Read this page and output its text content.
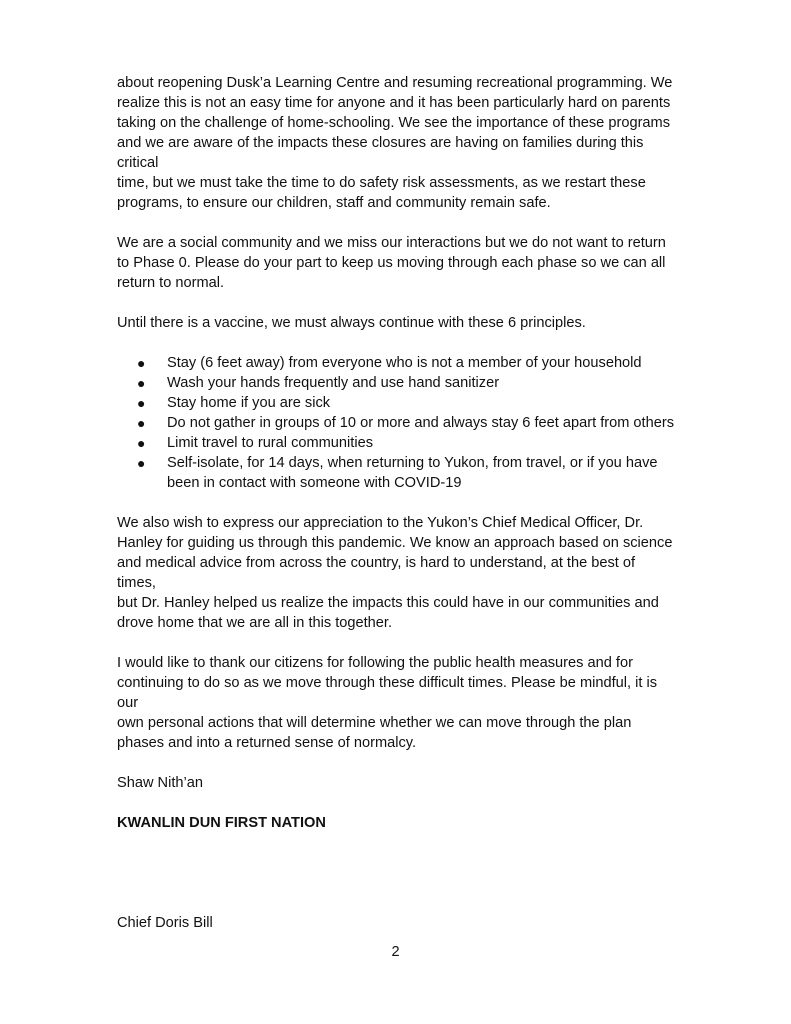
about reopening Dusk’a Learning Centre and resuming recreational programming. We
realize this is not an easy time for anyone and it has been particularly hard on parents
taking on the challenge of home-schooling. We see the importance of these programs
and we are aware of the impacts these closures are having on families during this critical
time, but we must take the time to do safety risk assessments, as we restart these
programs, to ensure our children, staff and community remain safe.

We are a social community and we miss our interactions but we do not want to return
to Phase 0. Please do your part to keep us moving through each phase so we can all
return to normal.

Until there is a vaccine, we must always continue with these 6 principles.

● Stay (6 feet away) from everyone who is not a member of your household
● Wash your hands frequently and use hand sanitizer
● Stay home if you are sick
● Do not gather in groups of 10 or more and always stay 6 feet apart from others
● Limit travel to rural communities
● Self-isolate, for 14 days, when returning to Yukon, from travel, or if you have
been in contact with someone with COVID-19

We also wish to express our appreciation to the Yukon’s Chief Medical Officer, Dr.
Hanley for guiding us through this pandemic. We know an approach based on science
and medical advice from across the country, is hard to understand, at the best of times,
but Dr. Hanley helped us realize the impacts this could have in our communities and
drove home that we are all in this together.

I would like to thank our citizens for following the public health measures and for
continuing to do so as we move through these difficult times. Please be mindful, it is our
own personal actions that will determine whether we can move through the plan
phases and into a returned sense of normalcy.

Shaw Nith’an

KWANLIN DUN FIRST NATION

Chief Doris Bill

2
